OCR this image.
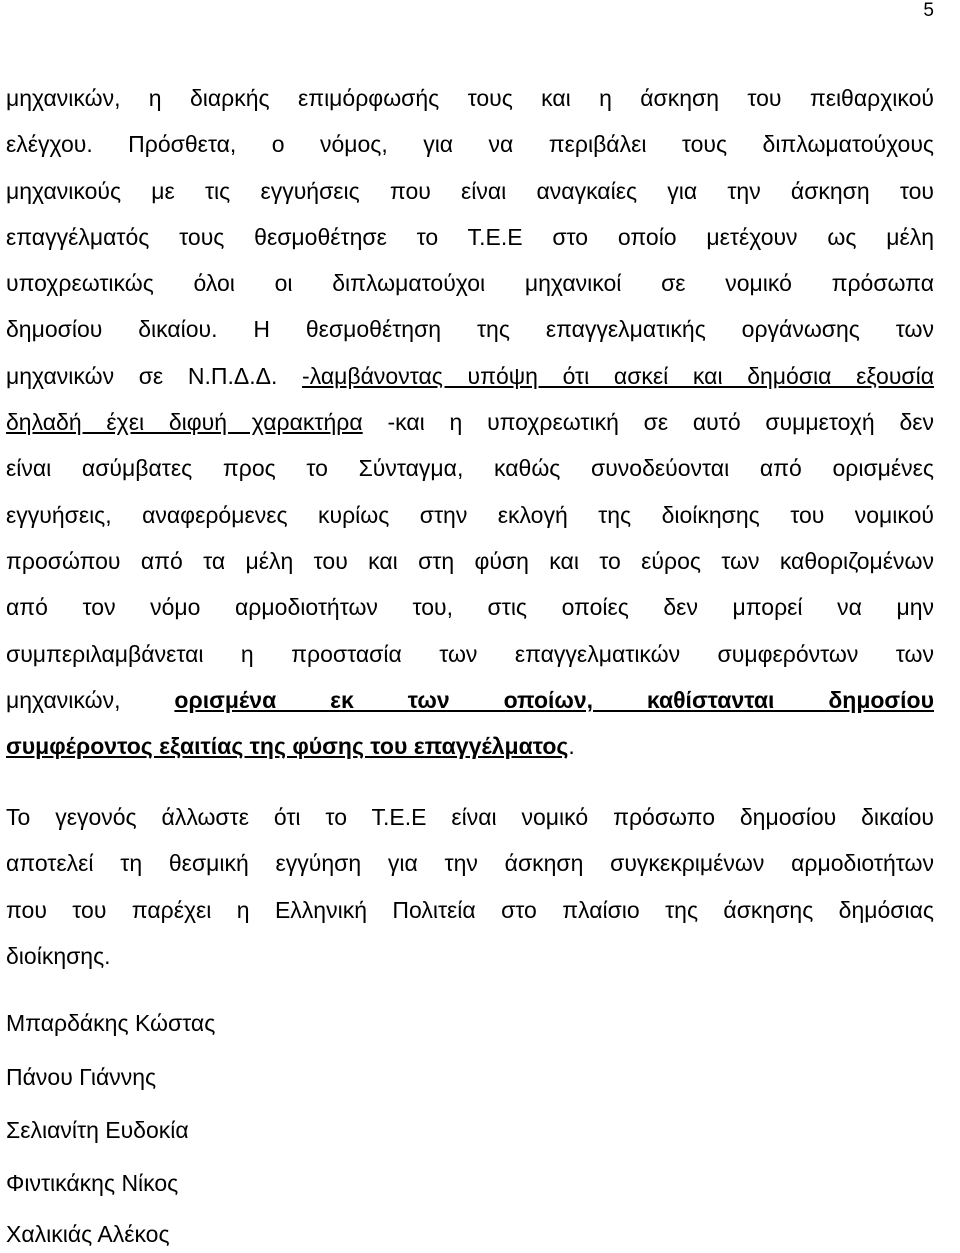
5
μηχανικών, η διαρκής επιμόρφωσής τους και η άσκηση του πειθαρχικού
ελέγχου. Πρόσθετα, ο νόμος, για να περιβάλει τους διπλωματούχους
μηχανικούς με τις εγγυήσεις που είναι αναγκαίες για την άσκηση του
επαγγέλματός τους θεσμοθέτησε το Τ.Ε.Ε στο οποίο μετέχουν ως μέλη
υποχρεωτικώς όλοι οι διπλωματούχοι μηχανικοί σε νομικό πρόσωπα
δημοσίου δικαίου. Η θεσμοθέτηση της επαγγελματικής οργάνωσης των
μηχανικών σε Ν.Π.Δ.Δ. -λαμβάνοντας υπόψη ότι ασκεί και δημόσια εξουσία
δηλαδή έχει διφυή χαρακτήρα -και η υποχρεωτική σε αυτό συμμετοχή δεν
είναι ασύμβατες προς το Σύνταγμα, καθώς συνοδεύονται από ορισμένες
εγγυήσεις, αναφερόμενες κυρίως στην εκλογή της διοίκησης του νομικού
προσώπου από τα μέλη του και στη φύση και το εύρος των καθοριζομένων
από τον νόμο αρμοδιοτήτων του, στις οποίες δεν μπορεί να μην
συμπεριλαμβάνεται η προστασία των επαγγελματικών συμφερόντων των
μηχανικών, ορισμένα εκ των οποίων, καθίστανται δημοσίου
συμφέροντος εξαιτίας της φύσης του επαγγέλματος.
Το γεγονός άλλωστε ότι το Τ.Ε.Ε είναι νομικό πρόσωπο δημοσίου δικαίου
αποτελεί τη θεσμική εγγύηση για την άσκηση συγκεκριμένων αρμοδιοτήτων
που του παρέχει η Ελληνική Πολιτεία στο πλαίσιο της άσκησης δημόσιας
διοίκησης.
Μπαρδάκης Κώστας
Πάνου Γιάννης
Σελιανίτη Ευδοκία
Φιντικάκης Νίκος
Χαλικιάς Αλέκος
